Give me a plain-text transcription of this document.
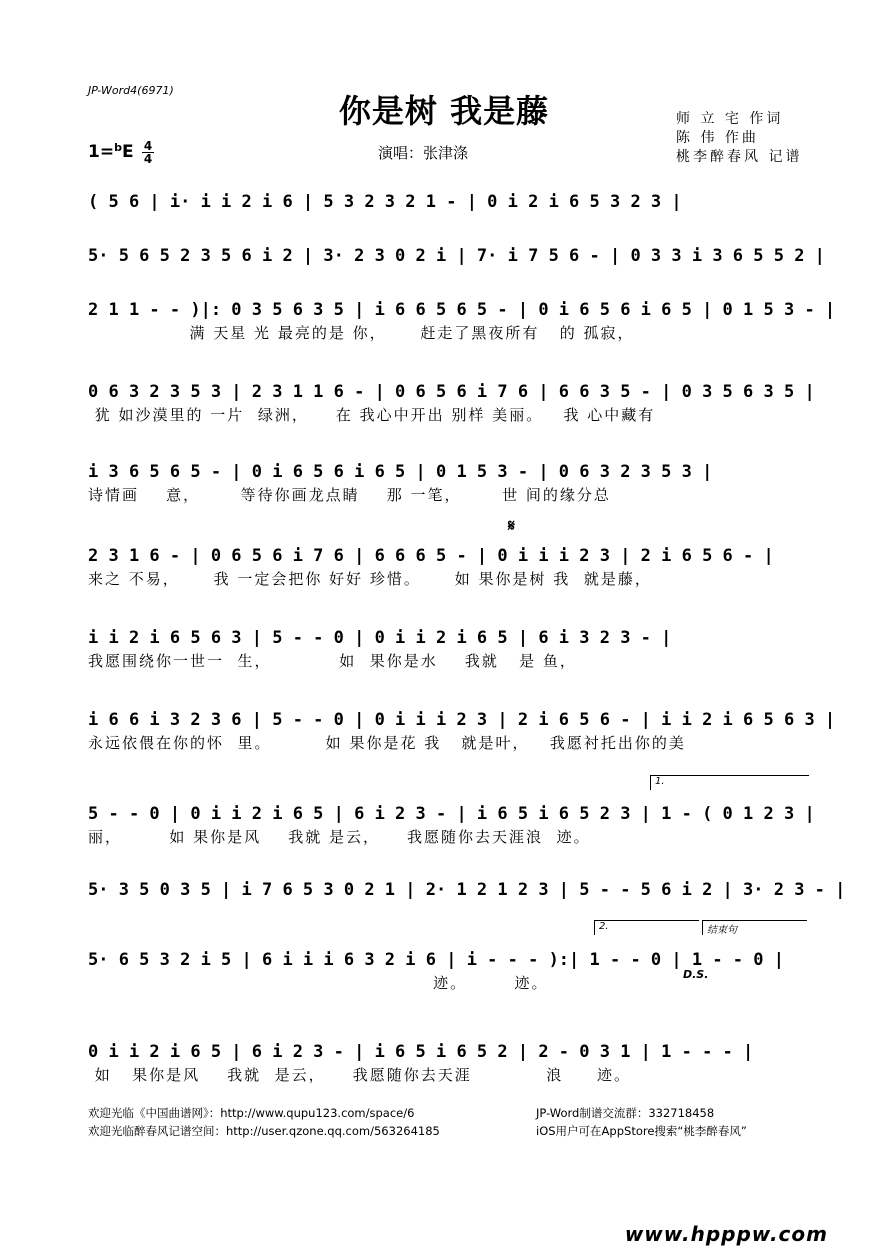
JP-Word4(6971)
你是树 我是藤	师 立 宅 作词
陈 伟 作曲
桃李醉春风 记谱
1=$^b$E 4
4	演唱：张津涤
( 5 6 | i· i i 2 i 6 | 5 3 2 3 2 1 - | 0 i 2 i 6 5 3 2 3 |
5· 5 6 5 2 3 5 6 i 2 | 3· 2 3 0 2 i | 7· i 7 5 6 - | 0 3 3 i 3 6 5 5 2 |
2 1 1 - - )|: 0 3 5 6 3 5 | i 6 6 5 6 5 - | 0 i 6 5 6 i 6 5 | 0 1 5 3 - |
满 天星 光 最亮的是 你，     赶走了黑夜所有   的 孤寂，
0 6 3 2 3 5 3 | 2 3 1 1 6 - | 0 6 5 6 i 7 6 | 6 6 3 5 - | 0 3 5 6 3 5 |
犹 如沙漠里的 一片  绿洲，    在 我心中开出 别样 美丽。   我 心中藏有
i 3 6 5 6 5 - | 0 i 6 5 6 i 6 5 | 0 1 5 3 - | 0 6 3 2 3 5 3 |
诗情画    意，      等待你画龙点睛    那 一笔，      世 间的缘分总
2 3 1 6 - | 0 6 5 6 i 7 6 | 6 6 6 5 - | 0 i i i 2 3 | 2 i 6 5 6 - |
来之 不易，     我 一定会把你 好好 珍惜。     如 果你是树 我  就是藤，
i i 2 i 6 5 6 3 | 5 - - 0 | 0 i i 2 i 6 5 | 6 i 3 2 3 - |
我愿围绕你一世一  生，          如  果你是水    我就   是 鱼，
i 6 6 i 3 2 3 6 | 5 - - 0 | 0 i i i 2 3 | 2 i 6 5 6 - | i i 2 i 6 5 6 3 |
永远依偎在你的怀  里。        如 果你是花 我   就是叶，   我愿衬托出你的美
5 - - 0 | 0 i i 2 i 6 5 | 6 i 2 3 - | i 6 5 i 6 5 2 3 | 1 - ( 0 1 2 3 |
丽，       如 果你是风    我就 是云，    我愿随你去天涯浪  迹。
5· 3 5 0 3 5 | i 7 6 5 3 0 2 1 | 2· 1 2 1 2 3 | 5 - - 5 6 i 2 | 3· 2 3 - |
5· 6 5 3 2 i 5 | 6 i i i 6 3 2 i 6 | i - - - ):| 1 - - 0 | 1 - - 0 |
迹。       迹。
0 i i 2 i 6 5 | 6 i 2 3 - | i 6 5 i 6 5 2 | 2 - 0 3 1 | 1 - - - |
如   果你是风    我就  是云，    我愿随你去天涯           浪     迹。
欢迎光临《中国曲谱网》：http://www.qupu123.com/space/6
欢迎光临醉春风记谱空间：http://user.qzone.qq.com/563264185
JP-Word制谱交流群：332718458
iOS用户可在AppStore搜索“桃李醉春风”
www.hpppw.com
1.
2.	结束句
𝄋
D.S.
